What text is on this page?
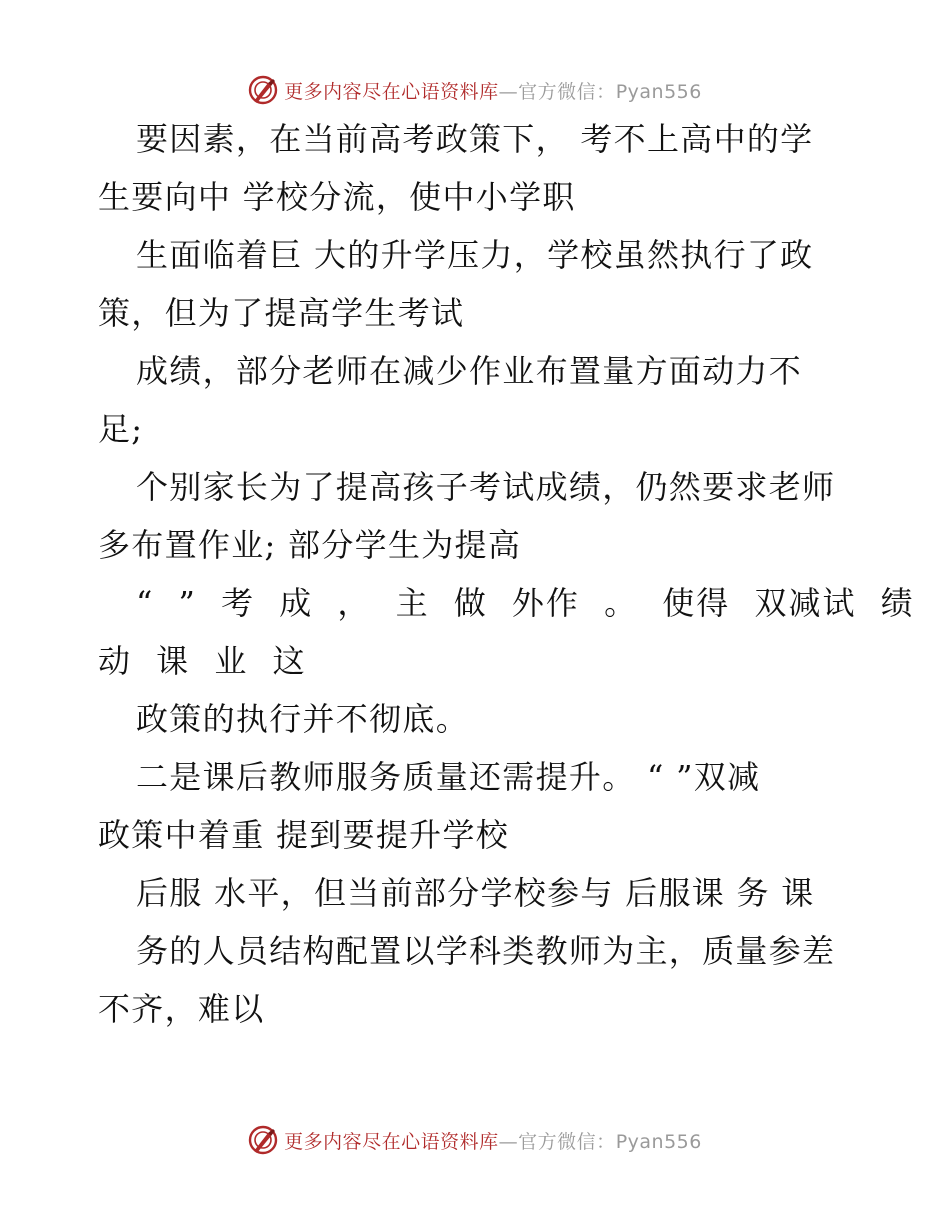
更多内容尽在心语资料库—官方微信：Pyan556
要因素，在当前高考政策下， 考不上高中的学
生要向中 学校分流，使中小学职
生面临着巨 大的升学压力，学校虽然执行了政
策，但为了提高学生考试
成绩，部分老师在减少作业布置量方面动力不
足;
个别家长为了提高孩子考试成绩，仍然要求老师
多布置作业; 部分学生为提高
“ ” 考 成 ， 主 做 外作 。 使得 双减试 绩
动 课 业 这
政策的执行并不彻底。
二是课后教师服务质量还需提升。 “ ”双减
政策中着重 提到要提升学校
后服 水平，但当前部分学校参与 后服课 务 课
务的人员结构配置以学科类教师为主，质量参差
不齐，难以
更多内容尽在心语资料库—官方微信：Pyan556
